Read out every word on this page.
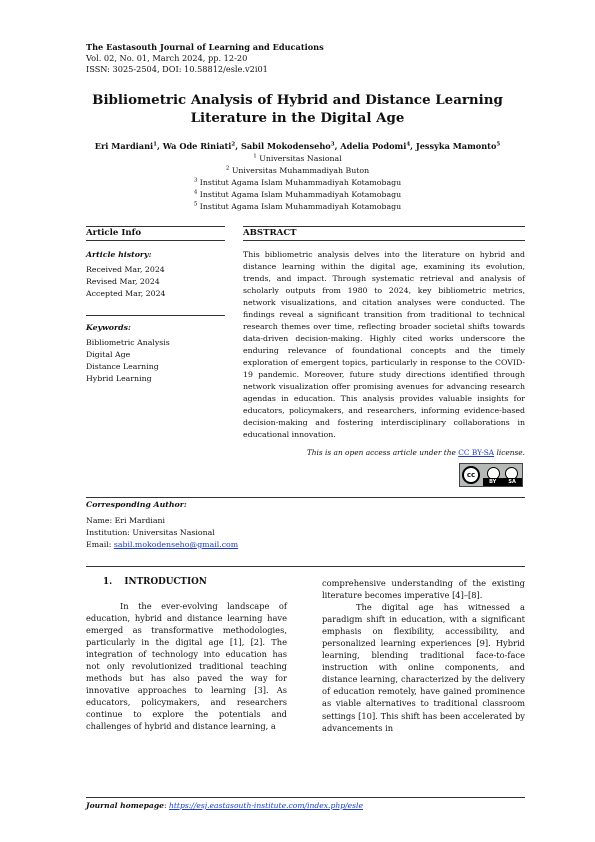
The Eastasouth Journal of Learning and Educations
Vol. 02, No. 01, March 2024, pp. 12-20
ISSN: 3025-2504, DOI: 10.58812/esle.v2i01
Bibliometric Analysis of Hybrid and Distance Learning Literature in the Digital Age
Eri Mardiani$^1$, Wa Ode Riniati$^2$, Sabil Mokodenseho$^3$, Adelia Podomi$^4$, Jessyka Mamonto$^5$
$^1$ Universitas Nasional
$^2$ Universitas Muhammadiyah Buton
$^3$ Institut Agama Islam Muhammadiyah Kotamobagu
$^4$ Institut Agama Islam Muhammadiyah Kotamobagu
$^5$ Institut Agama Islam Muhammadiyah Kotamobagu
Article Info
Article history:
Received Mar, 2024
Revised Mar, 2024
Accepted Mar, 2024
Keywords:
Bibliometric Analysis
Digital Age
Distance Learning
Hybrid Learning
ABSTRACT
This bibliometric analysis delves into the literature on hybrid and distance learning within the digital age, examining its evolution, trends, and impact. Through systematic retrieval and analysis of scholarly outputs from 1980 to 2024, key bibliometric metrics, network visualizations, and citation analyses were conducted. The findings reveal a significant transition from traditional to technical research themes over time, reflecting broader societal shifts towards data-driven decision-making. Highly cited works underscore the enduring relevance of foundational concepts and the timely exploration of emergent topics, particularly in response to the COVID-19 pandemic. Moreover, future study directions identified through network visualization offer promising avenues for advancing research agendas in education. This analysis provides valuable insights for educators, policymakers, and researchers, informing evidence-based decision-making and fostering interdisciplinary collaborations in educational innovation.
This is an open access article under the CC BY-SA license.
cc
BY SA
Corresponding Author:
Name: Eri Mardiani
Institution: Universitas Nasional
Email: sabil.mokodenseho@gmail.com
1.    INTRODUCTION
In the ever-evolving landscape of education, hybrid and distance learning have emerged as transformative methodologies, particularly in the digital age [1], [2]. The integration of technology into education has not only revolutionized traditional teaching methods but has also paved the way for innovative approaches to learning [3]. As educators, policymakers, and researchers continue to explore the potentials and challenges of hybrid and distance learning, a
comprehensive understanding of the existing literature becomes imperative [4]–[8].
The digital age has witnessed a paradigm shift in education, with a significant emphasis on flexibility, accessibility, and personalized learning experiences [9]. Hybrid learning, blending traditional face-to-face instruction with online components, and distance learning, characterized by the delivery of education remotely, have gained prominence as viable alternatives to traditional classroom settings [10]. This shift has been accelerated by advancements in
Journal homepage: https://esj.eastasouth-institute.com/index.php/esle
